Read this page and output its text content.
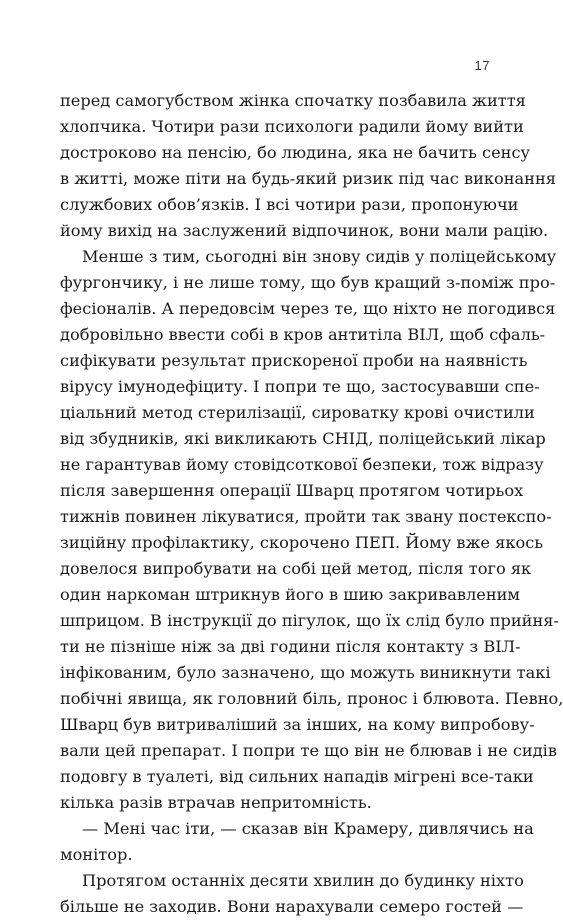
17
перед самогубством жінка спочатку позбавила життя
хлопчика. Чотири рази психологи радили йому вийти
достроково на пенсію, бо людина, яка не бачить сенсу
в житті, може піти на будь-який ризик під час виконання
службових обов’язків. І всі чотири рази, пропонуючи
йому вихід на заслужений відпочинок, вони мали рацію.
Менше з тим, сьогодні він знову сидів у поліцейському
фургончику, і не лише тому, що був кращий з-поміж про-
фесіоналів. А передовсім через те, що ніхто не погодився
добровільно ввести собі в кров антитіла ВІЛ, щоб сфаль-
сифікувати результат прискореної проби на наявність
вірусу імунодефіциту. І попри те що, застосувавши спе-
ціальний метод стерилізації, сироватку крові очистили
від збудників, які викликають СНІД, поліцейський лікар
не гарантував йому стовідсоткової безпеки, тож відразу
після завершення операції Шварц протягом чотирьох
тижнів повинен лікуватися, пройти так звану постекспо-
зиційну профілактику, скорочено ПЕП. Йому вже якось
довелося випробувати на собі цей метод, після того як
один наркоман штрикнув його в шию закривавленим
шприцом. В інструкції до пігулок, що їх слід було прийня-
ти не пізніше ніж за дві години після контакту з ВІЛ-
інфікованим, було зазначено, що можуть виникнути такі
побічні явища, як головний біль, пронос і блювота. Певно,
Шварц був витриваліший за інших, на кому випробову-
вали цей препарат. І попри те що він не блював і не сидів
подовгу в туалеті, від сильних нападів мігрені все-таки
кілька разів втрачав непритомність.
— Мені час іти, — сказав він Крамеру, дивлячись на
монітор.
Протягом останніх десяти хвилин до будинку ніхто
більше не заходив. Вони нарахували семеро гостей —
